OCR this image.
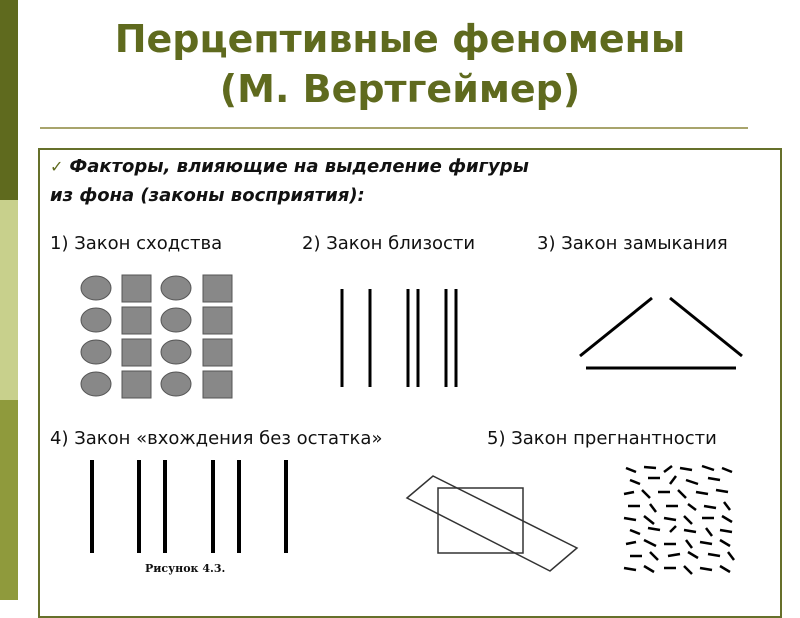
Перцептивные феномены
(М. Вертгеймер)
✓ Факторы, влияющие на выделение фигуры
из фона (законы восприятия):
1) Закон сходства	2) Закон близости	3) Закон замыкания
4) Закон «вхождения без остатка»	5) Закон прегнантности
Рисунок 4.3.
